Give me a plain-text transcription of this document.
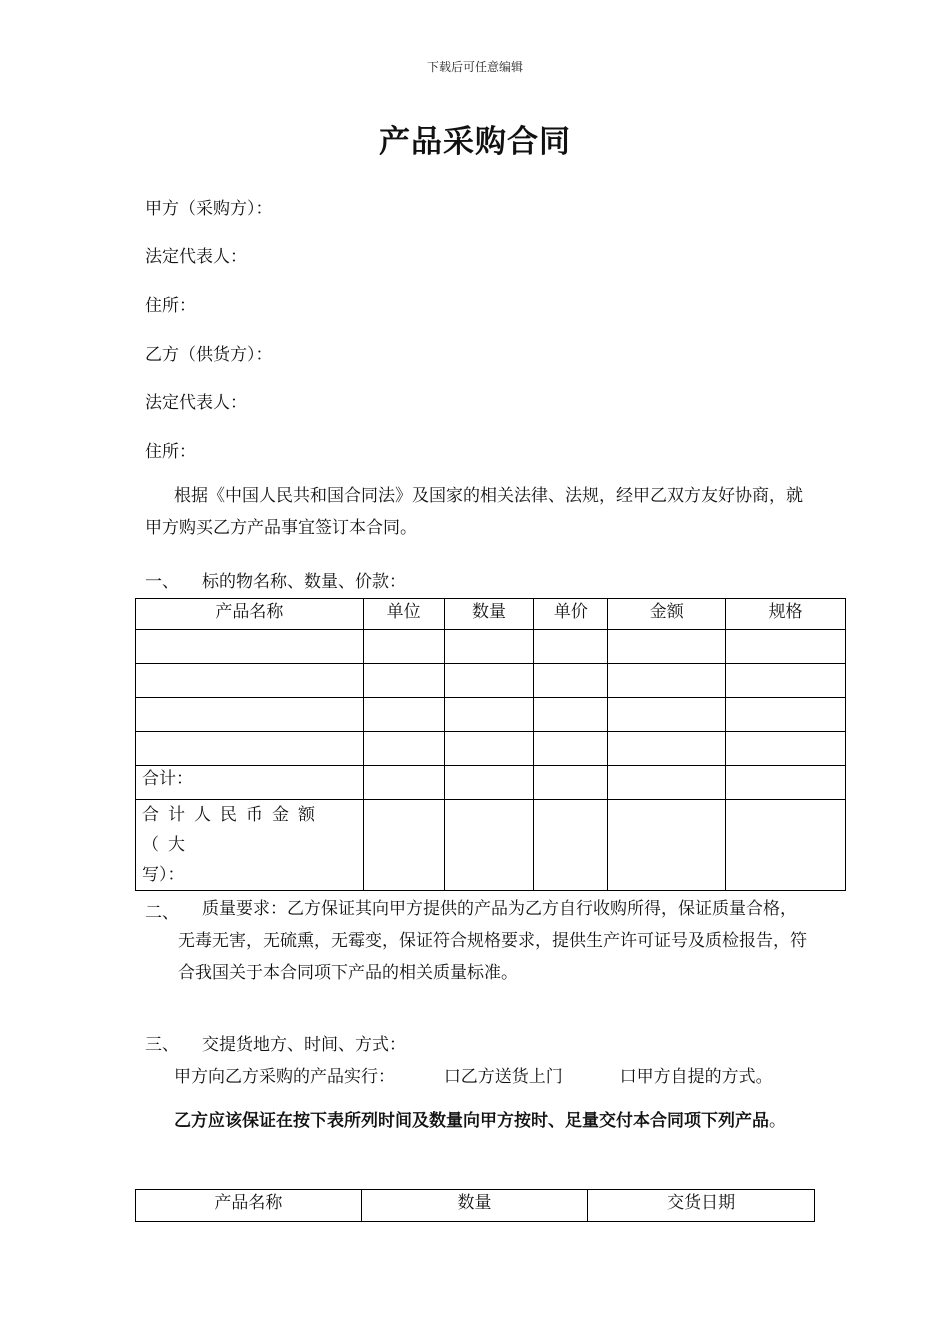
下载后可任意编辑
产品采购合同
甲方（采购方）：
法定代表人：
住所：
乙方（供货方）：
法定代表人：
住所：
根据《中国人民共和国合同法》及国家的相关法律、法规，经甲乙双方友好协商，就甲方购买乙方产品事宜签订本合同。
一、 标的物名称、数量、价款：
产品名称	单位	数量	单价	金额	规格

合计：					

合计人民币金额（大
写）：					

二、	质量要求：乙方保证其向甲方提供的产品为乙方自行收购所得，保证质量合格，无毒无害，无硫熏，无霉变，保证符合规格要求，提供生产许可证号及质检报告，符合我国关于本合同项下产品的相关质量标准。
三、 交提货地方、时间、方式：
甲方向乙方采购的产品实行：	口乙方送货上门	口甲方自提的方式。
乙方应该保证在按下表所列时间及数量向甲方按时、足量交付本合同项下列产品。
产品名称	数量	交货日期
